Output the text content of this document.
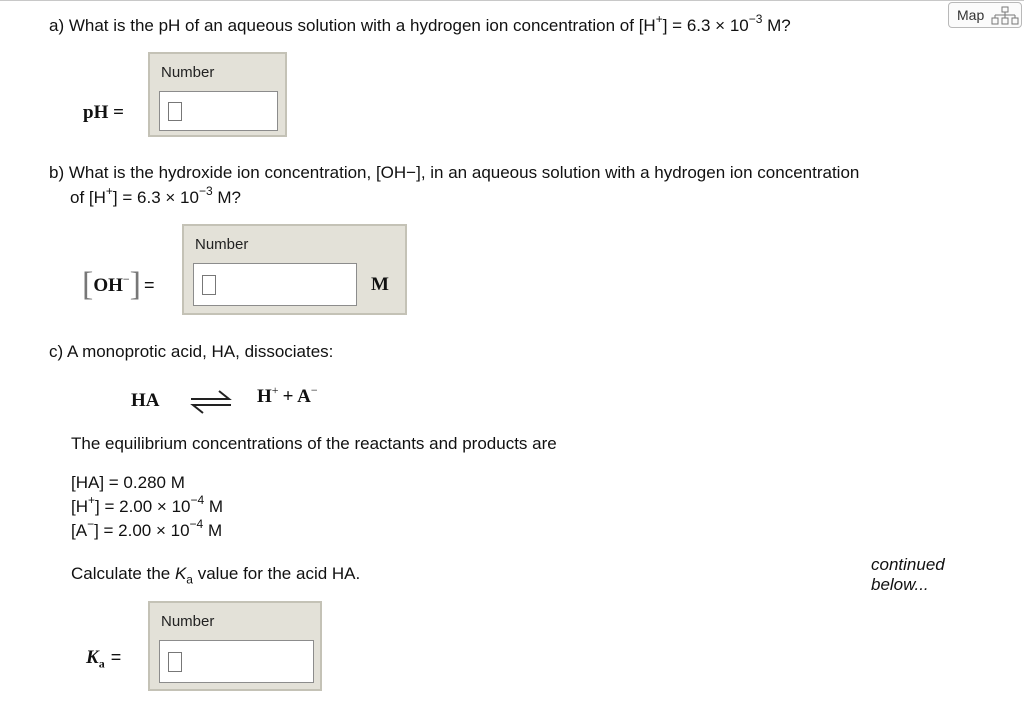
Map
a) What is the pH of an aqueous solution with a hydrogen ion concentration of $[H^+] = 6.3 \times 10^{-3}$ M?
pH =
Number
b) What is the hydroxide ion concentration, [OH−], in an aqueous solution with a hydrogen ion concentration
of $[H^+] = 6.3 \times 10^{-3}$ M?
[OH−] =
Number
M
c) A monoprotic acid, HA, dissociates:
HA ⇌ H+ + A−
The equilibrium concentrations of the reactants and products are
[HA] = 0.280 M
$[H^+] = 2.00 \times 10^{-4}$ M
$[A^-] = 2.00 \times 10^{-4}$ M
Calculate the $K_a$ value for the acid HA.	continued
below...
$K_a$ =
Number
